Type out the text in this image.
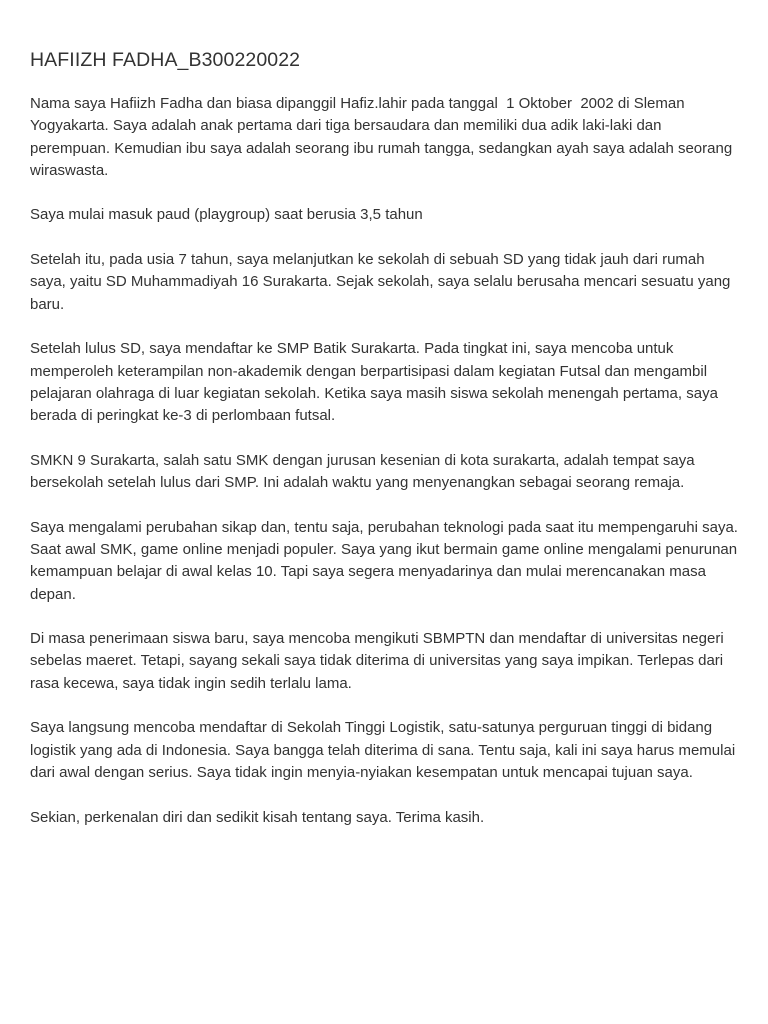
HAFIIZH FADHA_B300220022

Nama saya Hafiizh Fadha dan biasa dipanggil Hafiz.lahir pada tanggal  1 Oktober  2002 di Sleman Yogyakarta. Saya adalah anak pertama dari tiga bersaudara dan memiliki dua adik laki-laki dan perempuan. Kemudian ibu saya adalah seorang ibu rumah tangga, sedangkan ayah saya adalah seorang wiraswasta.

Saya mulai masuk paud (playgroup) saat berusia 3,5 tahun

Setelah itu, pada usia 7 tahun, saya melanjutkan ke sekolah di sebuah SD yang tidak jauh dari rumah saya, yaitu SD Muhammadiyah 16 Surakarta. Sejak sekolah, saya selalu berusaha mencari sesuatu yang baru.

Setelah lulus SD, saya mendaftar ke SMP Batik Surakarta. Pada tingkat ini, saya mencoba untuk memperoleh keterampilan non-akademik dengan berpartisipasi dalam kegiatan Futsal dan mengambil pelajaran olahraga di luar kegiatan sekolah. Ketika saya masih siswa sekolah menengah pertama, saya berada di peringkat ke-3 di perlombaan futsal.

SMKN 9 Surakarta, salah satu SMK dengan jurusan kesenian di kota surakarta, adalah tempat saya bersekolah setelah lulus dari SMP. Ini adalah waktu yang menyenangkan sebagai seorang remaja.

Saya mengalami perubahan sikap dan, tentu saja, perubahan teknologi pada saat itu mempengaruhi saya. Saat awal SMK, game online menjadi populer. Saya yang ikut bermain game online mengalami penurunan kemampuan belajar di awal kelas 10. Tapi saya segera menyadarinya dan mulai merencanakan masa depan.

Di masa penerimaan siswa baru, saya mencoba mengikuti SBMPTN dan mendaftar di universitas negeri sebelas maeret. Tetapi, sayang sekali saya tidak diterima di universitas yang saya impikan. Terlepas dari rasa kecewa, saya tidak ingin sedih terlalu lama.

Saya langsung mencoba mendaftar di Sekolah Tinggi Logistik, satu-satunya perguruan tinggi di bidang logistik yang ada di Indonesia. Saya bangga telah diterima di sana. Tentu saja, kali ini saya harus memulai dari awal dengan serius. Saya tidak ingin menyia-nyiakan kesempatan untuk mencapai tujuan saya.

Sekian, perkenalan diri dan sedikit kisah tentang saya. Terima kasih.
